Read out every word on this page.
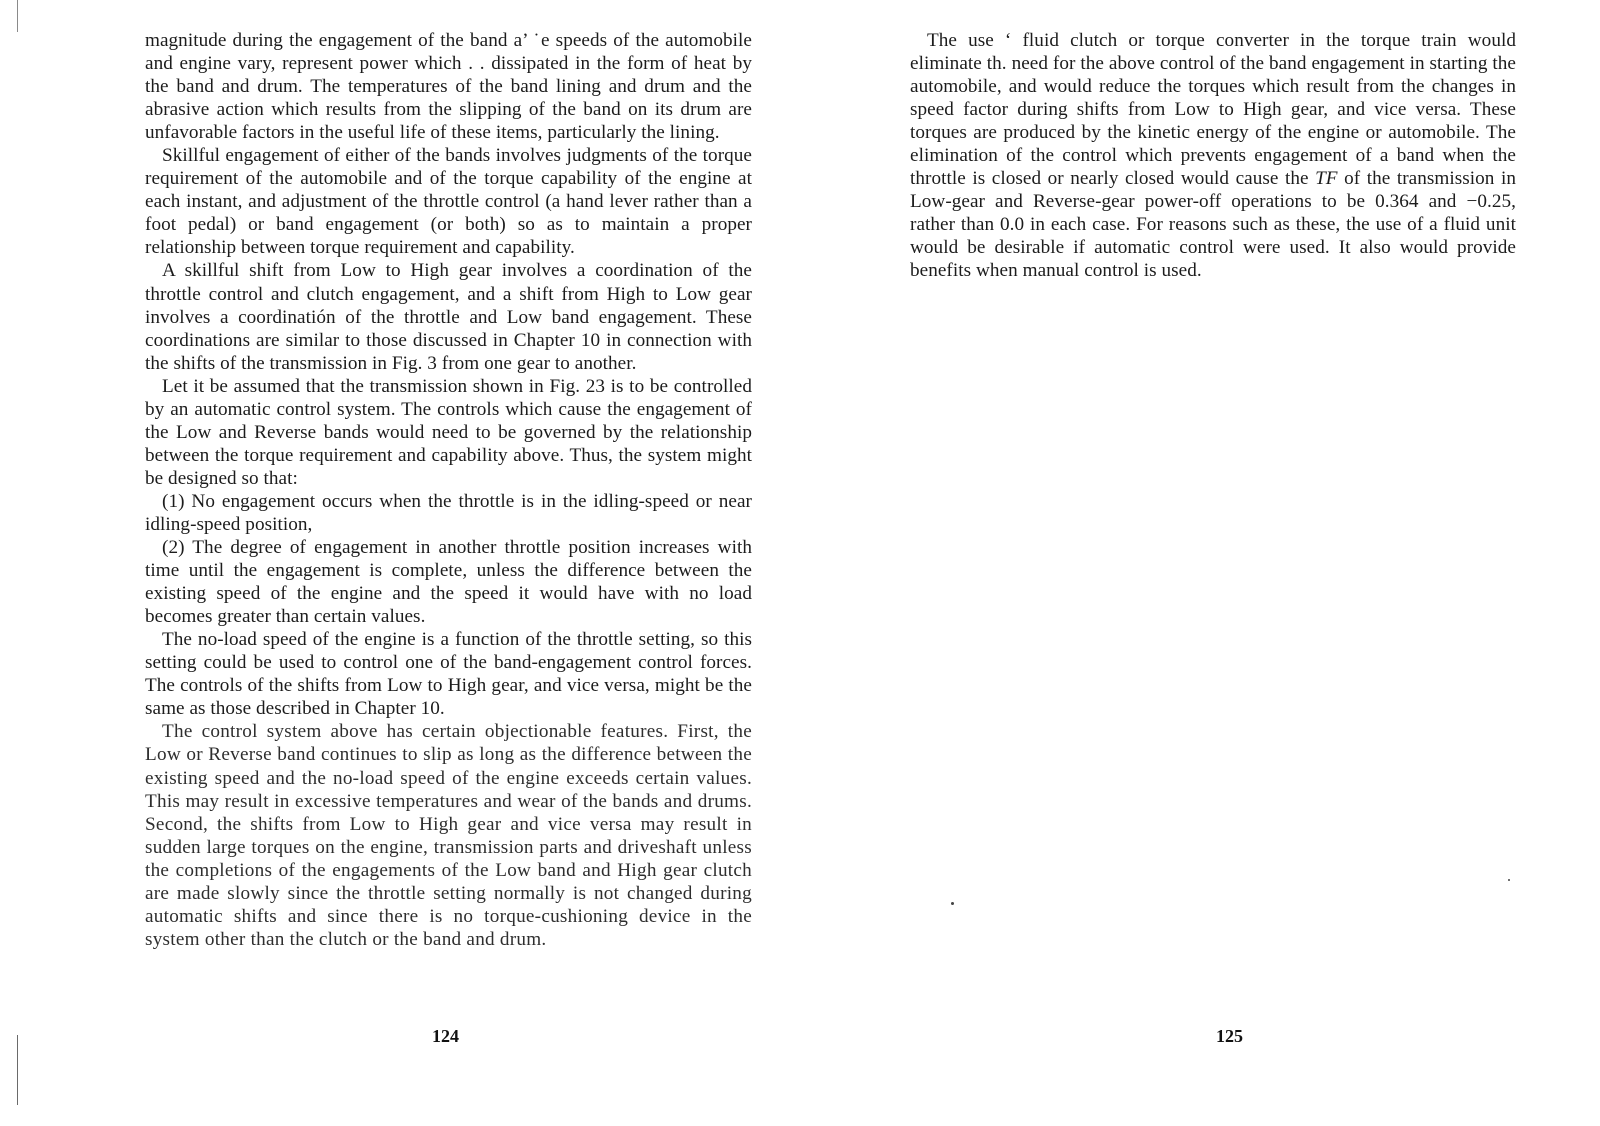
magnitude during the engagement of the band a’ ˙e speeds of the automobile and engine vary, represent power which . . dissipated in the form of heat by the band and drum. The temperatures of the band lining and drum and the abrasive action which results from the slipping of the band on its drum are unfavorable factors in the useful life of these items, particularly the lining.

Skillful engagement of either of the bands involves judgments of the torque requirement of the automobile and of the torque capability of the engine at each instant, and adjustment of the throttle control (a hand lever rather than a foot pedal) or band engagement (or both) so as to maintain a proper relationship between torque requirement and capability.

A skillful shift from Low to High gear involves a coordination of the throttle control and clutch engagement, and a shift from High to Low gear involves a coordinatión of the throttle and Low band engagement. These coordinations are similar to those discussed in Chapter 10 in connection with the shifts of the transmission in Fig. 3 from one gear to another.

Let it be assumed that the transmission shown in Fig. 23 is to be controlled by an automatic control system. The controls which cause the engagement of the Low and Reverse bands would need to be governed by the relationship between the torque requirement and capability above. Thus, the system might be designed so that:

(1) No engagement occurs when the throttle is in the idling-speed or near idling-speed position,

(2) The degree of engagement in another throttle position increases with time until the engagement is complete, unless the difference between the existing speed of the engine and the speed it would have with no load becomes greater than certain values.

The no-load speed of the engine is a function of the throttle setting, so this setting could be used to control one of the band-engagement control forces. The controls of the shifts from Low to High gear, and vice versa, might be the same as those described in Chapter 10.

The control system above has certain objectionable features. First, the Low or Reverse band continues to slip as long as the difference between the existing speed and the no-load speed of the engine exceeds certain values. This may result in excessive temperatures and wear of the bands and drums. Second, the shifts from Low to High gear and vice versa may result in sudden large torques on the engine, transmission parts and driveshaft unless the completions of the engagements of the Low band and High gear clutch are made slowly since the throttle setting normally is not changed during automatic shifts and since there is no torque-cushioning device in the system other than the clutch or the band and drum.

124

The use ‘ fluid clutch or torque converter in the torque train would eliminate th. need for the above control of the band engagement in starting the automobile, and would reduce the torques which result from the changes in speed factor during shifts from Low to High gear, and vice versa. These torques are produced by the kinetic energy of the engine or automobile. The elimination of the control which prevents engagement of a band when the throttle is closed or nearly closed would cause the TF of the transmission in Low-gear and Reverse-gear power-off operations to be 0.364 and −0.25, rather than 0.0 in each case. For reasons such as these, the use of a fluid unit would be desirable if automatic control were used. It also would provide benefits when manual control is used.

125
